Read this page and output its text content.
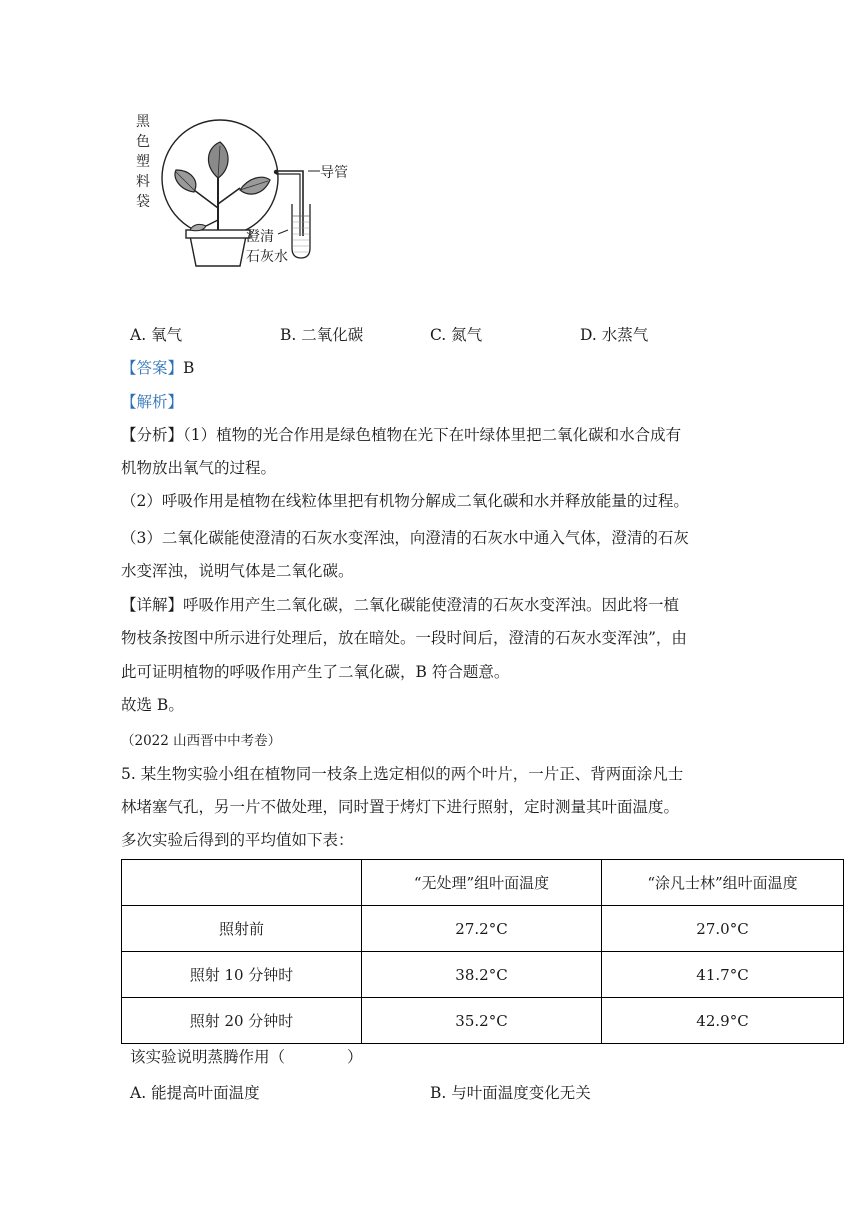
黑
色
塑
料
袋
导管
澄清
石灰水
A. 氧气	B. 二氧化碳	C. 氮气	D. 水蒸气
【答案】B
【解析】
【分析】（1）植物的光合作用是绿色植物在光下在叶绿体里把二氧化碳和水合成有
机物放出氧气的过程。
（2）呼吸作用是植物在线粒体里把有机物分解成二氧化碳和水并释放能量的过程。
（3）二氧化碳能使澄清的石灰水变浑浊，向澄清的石灰水中通入气体，澄清的石灰
水变浑浊，说明气体是二氧化碳。
【详解】呼吸作用产生二氧化碳，二氧化碳能使澄清的石灰水变浑浊。因此将一植
物枝条按图中所示进行处理后，放在暗处。一段时间后，澄清的石灰水变浑浊”，由
此可证明植物的呼吸作用产生了二氧化碳，B 符合题意。
故选 B。
（2022 山西晋中中考卷）
5. 某生物实验小组在植物同一枝条上选定相似的两个叶片，一片正、背两面涂凡士
林堵塞气孔，另一片不做处理，同时置于烤灯下进行照射，定时测量其叶面温度。
多次实验后得到的平均值如下表：
	“无处理”组叶面温度	“涂凡士林”组叶面温度
照射前	27.2°C	27.0°C
照射 10 分钟时	38.2°C	41.7°C
照射 20 分钟时	35.2°C	42.9°C
该实验说明蒸腾作用（　　　　）
A. 能提高叶面温度	B. 与叶面温度变化无关
